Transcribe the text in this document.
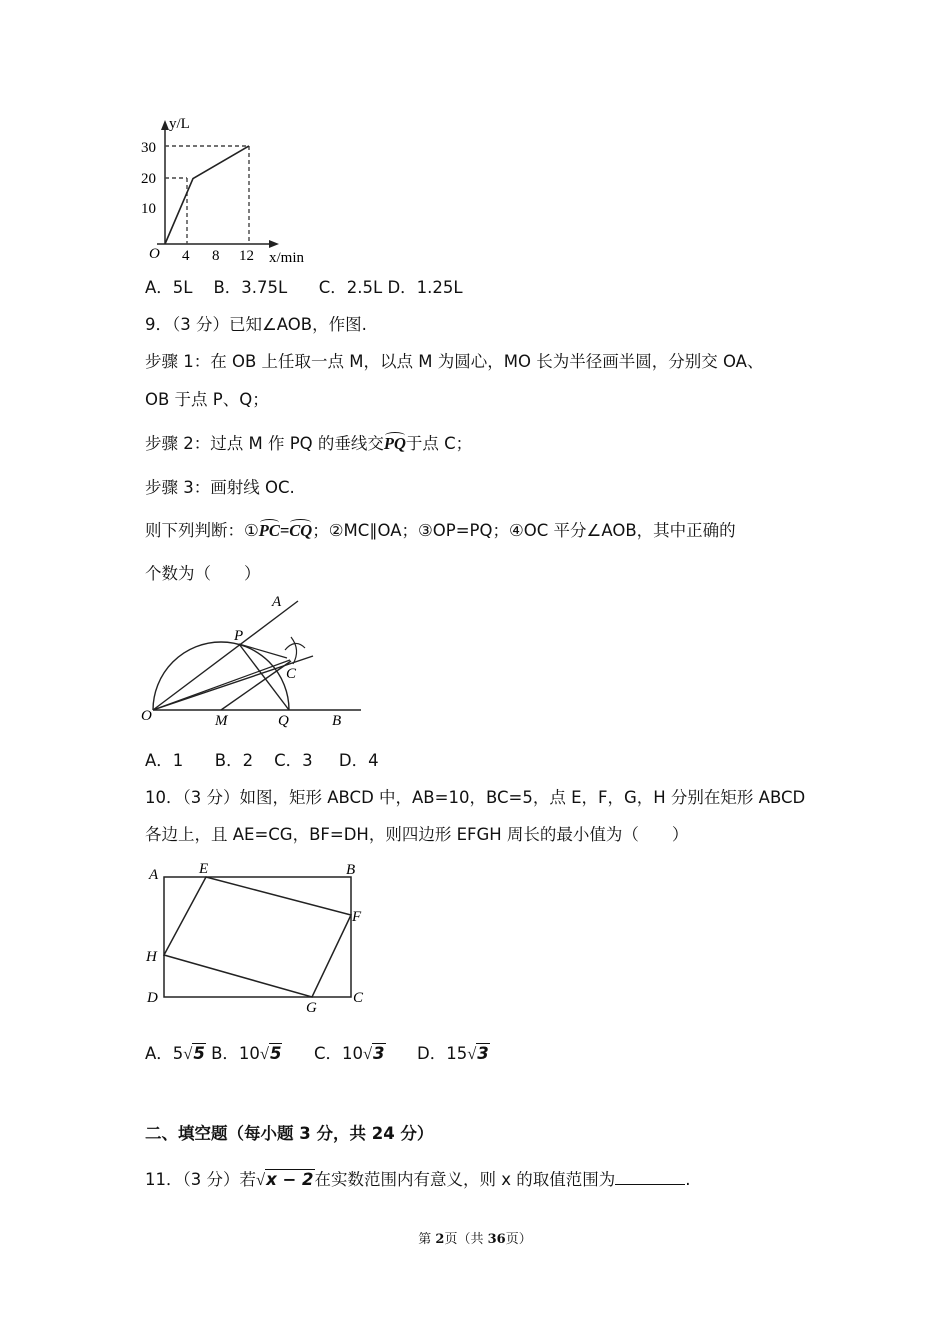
y/L
30
20
10
O 4 8 12 x/min
A．5L B．3.75L C．2.5L D．1.25L
9．（3 分）已知∠AOB，作图.
步骤 1：在 OB 上任取一点 M，以点 M 为圆心，MO 长为半径画半圆，分别交 OA、
OB 于点 P、Q；
步骤 2：过点 M 作 PQ 的垂线交PQ于点 C；
步骤 3：画射线 OC.
则下列判断：①PC=CQ；②MC∥OA；③OP=PQ；④OC 平分∠AOB，其中正确的
个数为（　　）
A
P
C
O	M	Q	B
A．1 B．2 C．3 D．4
10．（3 分）如图，矩形 ABCD 中，AB=10，BC=5，点 E，F，G，H 分别在矩形 ABCD
各边上，且 AE=CG，BF=DH，则四边形 EFGH 周长的最小值为（　　）
A	E	B
F
H
D
G
C
A．5√5 B．10√5 C．10√3 D．15√3
二、填空题（每小题 3 分，共 24 分）
11．（3 分）若√x − 2在实数范围内有意义，则 x 的取值范围为	.
第 2页（共 36页）
